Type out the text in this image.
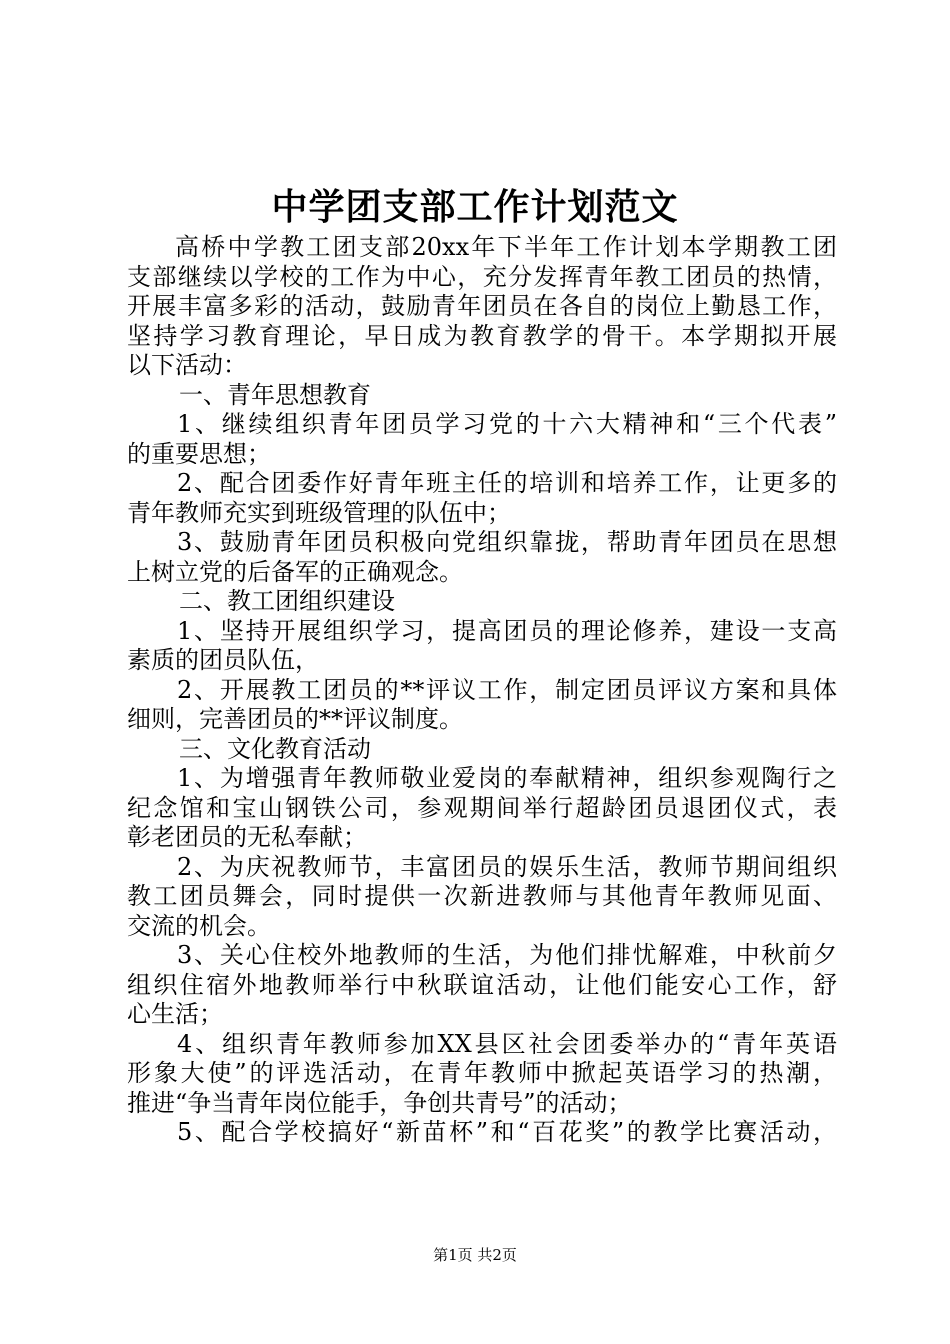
中学团支部工作计划范文
高桥中学教工团支部20xx年下半年工作计划本学期教工团
支部继续以学校的工作为中心，充分发挥青年教工团员的热情，
开展丰富多彩的活动，鼓励青年团员在各自的岗位上勤恳工作，
坚持学习教育理论，早日成为教育教学的骨干。本学期拟开展
以下活动：
一、青年思想教育
1、继续组织青年团员学习党的十六大精神和“三个代表”
的重要思想；
2、配合团委作好青年班主任的培训和培养工作，让更多的
青年教师充实到班级管理的队伍中；
3、鼓励青年团员积极向党组织靠拢，帮助青年团员在思想
上树立党的后备军的正确观念。
二、教工团组织建设
1、坚持开展组织学习，提高团员的理论修养，建设一支高
素质的团员队伍，
2、开展教工团员的**评议工作，制定团员评议方案和具体
细则，完善团员的**评议制度。
三、文化教育活动
1、为增强青年教师敬业爱岗的奉献精神，组织参观陶行之
纪念馆和宝山钢铁公司，参观期间举行超龄团员退团仪式，表
彰老团员的无私奉献；
2、为庆祝教师节，丰富团员的娱乐生活，教师节期间组织
教工团员舞会，同时提供一次新进教师与其他青年教师见面、
交流的机会。
3、关心住校外地教师的生活，为他们排忧解难，中秋前夕
组织住宿外地教师举行中秋联谊活动，让他们能安心工作，舒
心生活；
4、组织青年教师参加XX县区社会团委举办的“青年英语
形象大使”的评选活动，在青年教师中掀起英语学习的热潮，
推进“争当青年岗位能手，争创共青号”的活动；
5、配合学校搞好“新苗杯”和“百花奖”的教学比赛活动，
第1页 共2页
